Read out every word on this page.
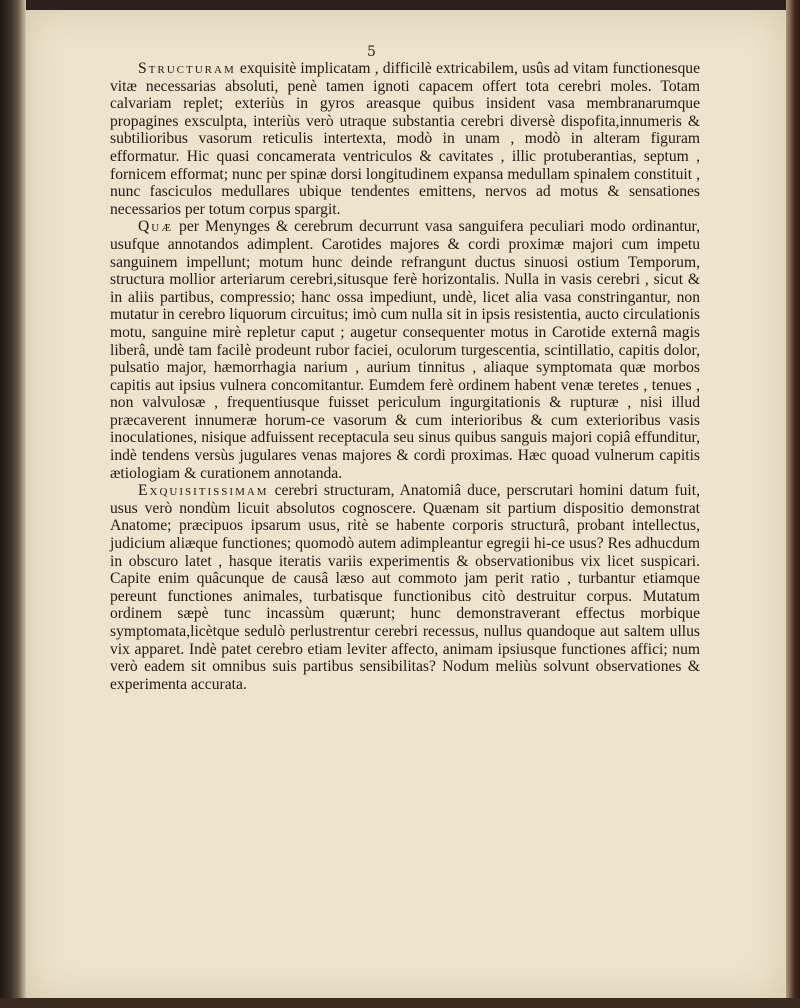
5

Structuram exquisitè implicatam , difficilè extricabilem, usûs ad vitam functionesque vitæ necessarias absoluti, penè tamen ignoti capacem offert tota cerebri moles. Totam calvariam replet; exteriùs in gyros areasque quibus insident vasa membranarumque propagines exsculpta, interiùs verò utraque substantia cerebri diversè dispofita,innumeris & subtilioribus vasorum reticulis intertexta, modò in unam , modò in alteram figuram efformatur. Hic quasi concamerata ventriculos & cavitates , illic protuberantias, septum , fornicem efformat; nunc per spinæ dorsi longitudinem expansa medullam spinalem constituit , nunc fasciculos medullares ubique tendentes emittens, nervos ad motus & sensationes necessarios per totum corpus spargit.

Quæ per Menynges & cerebrum decurrunt vasa sanguifera peculiari modo ordinantur, usufque annotandos adimplent. Carotides majores & cordi proximæ majori cum impetu sanguinem impellunt; motum hunc deinde refrangunt ductus sinuosi ostium Temporum, structura mollior arteriarum cerebri,situsque ferè horizontalis. Nulla in vasis cerebri , sicut & in aliis partibus, compressio; hanc ossa impediunt, undè, licet alia vasa constringantur, non mutatur in cerebro liquorum circuitus; imò cum nulla sit in ipsis resistentia, aucto circulationis motu, sanguine mirè repletur caput ; augetur consequenter motus in Carotide externâ magis liberâ, undè tam facilè prodeunt rubor faciei, oculorum turgescentia, scintillatio, capitis dolor, pulsatio major, hæmorrhagia narium , aurium tinnitus , aliaque symptomata quæ morbos capitis aut ipsius vulnera concomitantur. Eumdem ferè ordinem habent venæ teretes , tenues , non valvulosæ , frequentiusque fuisset periculum ingurgitationis & rupturæ , nisi illud præcaverent innumeræ horum-ce vasorum & cum interioribus & cum exterioribus vasis inoculationes, nisique adfuissent receptacula seu sinus quibus sanguis majori copiâ effunditur, indè tendens versùs jugulares venas majores & cordi proximas. Hæc quoad vulnerum capitis ætiologiam & curationem annotanda.

Exquisitissimam cerebri structuram, Anatomiâ duce, perscrutari homini datum fuit, usus verò nondùm licuit absolutos cognoscere. Quænam sit partium dispositio demonstrat Anatome; præcipuos ipsarum usus, ritè se habente corporis structurâ, probant intellectus, judicium aliæque functiones; quomodò autem adimpleantur egregii hi-ce usus? Res adhucdum in obscuro latet , hasque iteratis variis experimentis & observationibus vix licet suspicari. Capite enim quâcunque de causâ læso aut commoto jam perit ratio , turbantur etiamque pereunt functiones animales, turbatisque functionibus citò destruitur corpus. Mutatum ordinem sæpè tunc incassùm quærunt; hunc demonstraverant effectus morbique symptomata,licètque sedulò perlustrentur cerebri recessus, nullus quandoque aut saltem ullus vix apparet. Indè patet cerebro etiam leviter affecto, animam ipsiusque functiones affici; num verò eadem sit omnibus suis partibus sensibilitas? Nodum meliùs solvunt observationes & experimenta accurata.
